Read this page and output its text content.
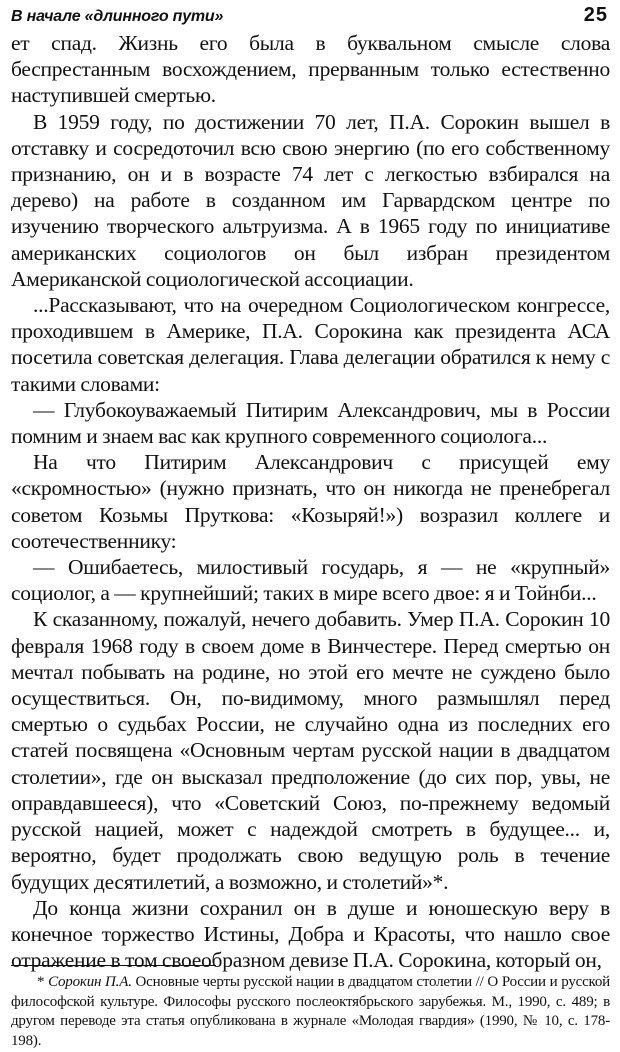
В начале «длинного пути»	25

ет спад. Жизнь его была в буквальном смысле слова беспрестанным восхождением, прерванным только естественно наступившей смертью.

В 1959 году, по достижении 70 лет, П.А. Сорокин вышел в отставку и сосредоточил всю свою энергию (по его собственному признанию, он и в возрасте 74 лет с легкостью взбирался на дерево) на работе в созданном им Гарвардском центре по изучению творческого альтруизма. А в 1965 году по инициативе американских социологов он был избран президентом Американской социологической ассоциации.

...Рассказывают, что на очередном Социологическом конгрессе, проходившем в Америке, П.А. Сорокина как президента АСА посетила советская делегация. Глава делегации обратился к нему с такими словами:

— Глубокоуважаемый Питирим Александрович, мы в России помним и знаем вас как крупного современного социолога...

На что Питирим Александрович с присущей ему «скромностью» (нужно признать, что он никогда не пренебрегал советом Козьмы Пруткова: «Козыряй!») возразил коллеге и соотечественнику:

— Ошибаетесь, милостивый государь, я — не «крупный» социолог, а — крупнейший; таких в мире всего двое: я и Тойнби...

К сказанному, пожалуй, нечего добавить. Умер П.А. Сорокин 10 февраля 1968 году в своем доме в Винчестере. Перед смертью он мечтал побывать на родине, но этой его мечте не суждено было осуществиться. Он, по-видимому, много размышлял перед смертью о судьбах России, не случайно одна из последних его статей посвящена «Основным чертам русской нации в двадцатом столетии», где он высказал предположение (до сих пор, увы, не оправдавшееся), что «Советский Союз, по-прежнему ведомый русской нацией, может с надеждой смотреть в будущее... и, вероятно, будет продолжать свою ведущую роль в течение будущих десятилетий, а возможно, и столетий»*.

До конца жизни сохранил он в душе и юношескую веру в конечное торжество Истины, Добра и Красоты, что нашло свое отражение в том своеобразном девизе П.А. Сорокина, который он,

* Сорокин П.А. Основные черты русской нации в двадцатом столетии // О России и русской философской культуре. Философы русского послеоктябрьского зарубежья. М., 1990, с. 489; в другом переводе эта статья опубликована в журнале «Молодая гвардия» (1990, № 10, с. 178-198).
